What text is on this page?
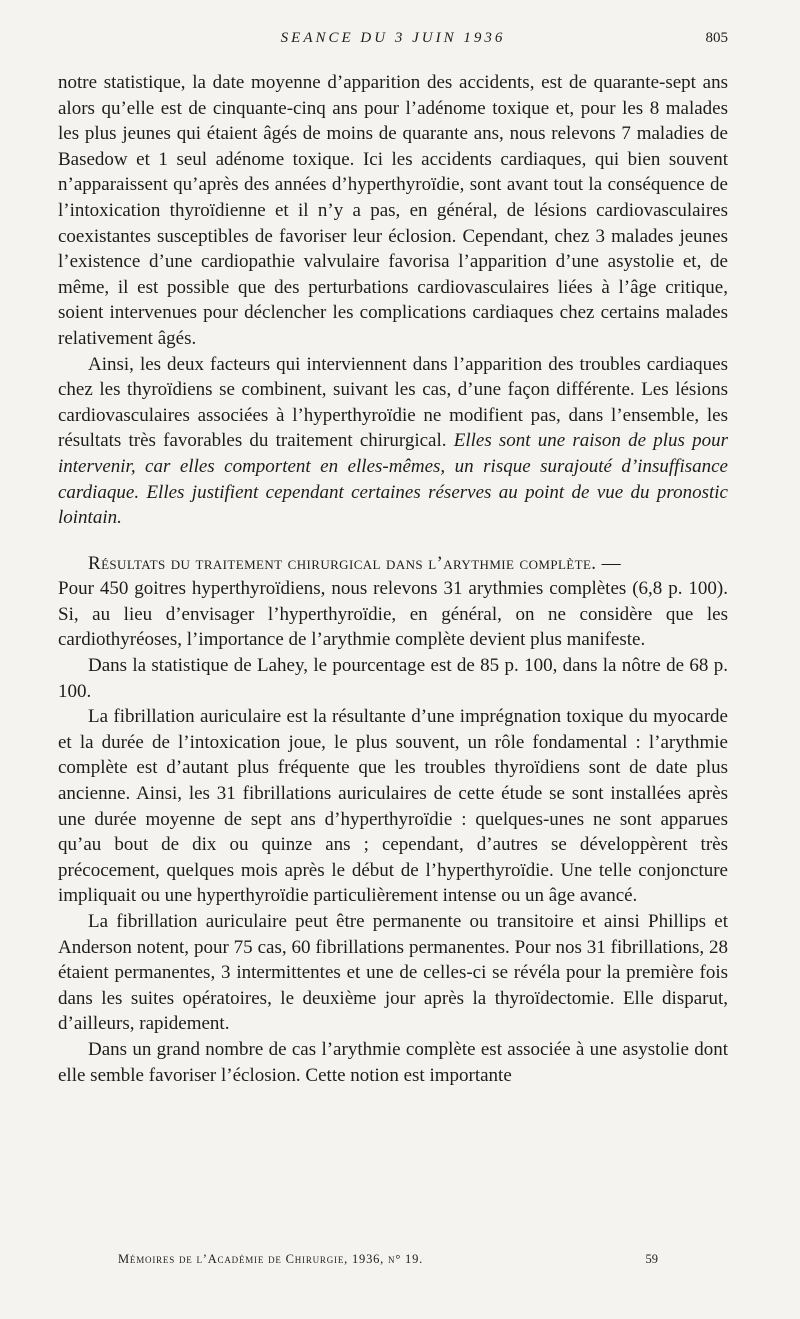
SEANCE DU 3 JUIN 1936	805

notre statistique, la date moyenne d’apparition des accidents, est de quarante-sept ans alors qu’elle est de cinquante-cinq ans pour l’adénome toxique et, pour les 8 malades les plus jeunes qui étaient âgés de moins de quarante ans, nous relevons 7 maladies de Basedow et 1 seul adénome toxique. Ici les accidents cardiaques, qui bien souvent n’apparaissent qu’après des années d’hyperthyroïdie, sont avant tout la conséquence de l’intoxication thyroïdienne et il n’y a pas, en général, de lésions cardiovasculaires coexistantes susceptibles de favoriser leur éclosion. Cependant, chez 3 malades jeunes l’existence d’une cardiopathie valvulaire favorisa l’apparition d’une asystolie et, de même, il est possible que des perturbations cardiovasculaires liées à l’âge critique, soient intervenues pour déclencher les complications cardiaques chez certains malades relativement âgés.

Ainsi, les deux facteurs qui interviennent dans l’apparition des troubles cardiaques chez les thyroïdiens se combinent, suivant les cas, d’une façon différente. Les lésions cardiovasculaires associées à l’hyperthyroïdie ne modifient pas, dans l’ensemble, les résultats très favorables du traitement chirurgical. Elles sont une raison de plus pour intervenir, car elles comportent en elles-mêmes, un risque surajouté d’insuffisance cardiaque. Elles justifient cependant certaines réserves au point de vue du pronostic lointain.

Résultats du traitement chirurgical dans l’arythmie complète. —

Pour 450 goitres hyperthyroïdiens, nous relevons 31 arythmies complètes (6,8 p. 100). Si, au lieu d’envisager l’hyperthyroïdie, en général, on ne considère que les cardiothyréoses, l’importance de l’arythmie complète devient plus manifeste.

Dans la statistique de Lahey, le pourcentage est de 85 p. 100, dans la nôtre de 68 p. 100.

La fibrillation auriculaire est la résultante d’une imprégnation toxique du myocarde et la durée de l’intoxication joue, le plus souvent, un rôle fondamental : l’arythmie complète est d’autant plus fréquente que les troubles thyroïdiens sont de date plus ancienne. Ainsi, les 31 fibrillations auriculaires de cette étude se sont installées après une durée moyenne de sept ans d’hyperthyroïdie : quelques-unes ne sont apparues qu’au bout de dix ou quinze ans ; cependant, d’autres se développèrent très précocement, quelques mois après le début de l’hyperthyroïdie. Une telle conjoncture impliquait ou une hyperthyroïdie particulièrement intense ou un âge avancé.

La fibrillation auriculaire peut être permanente ou transitoire et ainsi Phillips et Anderson notent, pour 75 cas, 60 fibrillations permanentes. Pour nos 31 fibrillations, 28 étaient permanentes, 3 intermittentes et une de celles-ci se révéla pour la première fois dans les suites opératoires, le deuxième jour après la thyroïdectomie. Elle disparut, d’ailleurs, rapidement.

Dans un grand nombre de cas l’arythmie complète est associée à une asystolie dont elle semble favoriser l’éclosion. Cette notion est importante

Mémoires de l’Académie de Chirurgie, 1936, n° 19.	59
